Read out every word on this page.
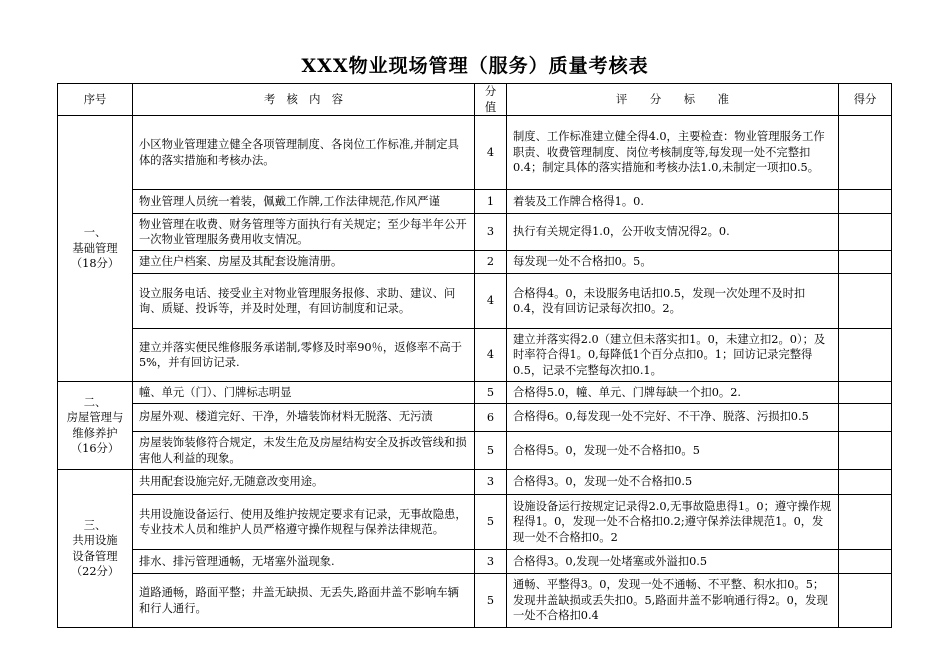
XXX物业现场管理（服务）质量考核表
序号	考　核　内　容	分值	评　　分　　标　　准	得分

一、
基础管理
（18分）	小区物业管理建立健全各项管理制度、各岗位工作标准,并制定具体的落实措施和考核办法。	4	制度、工作标准建立健全得4.0，主要检查：物业管理服务工作职责、收费管理制度、岗位考核制度等,每发现一处不完整扣0.4；制定具体的落实措施和考核办法1.0,未制定一项扣0.5。	

	物业管理人员统一着装，佩戴工作牌,工作法律规范,作风严谨	1	着装及工作牌合格得1。0.	
	物业管理在收费、财务管理等方面执行有关规定；至少每半年公开一次物业管理服务费用收支情况。	3	执行有关规定得1.0，公开收支情况得2。0.	
	建立住户档案、房屋及其配套设施清册。	2	每发现一处不合格扣0。5。	
	设立服务电话、接受业主对物业管理服务报修、求助、建议、问询、质疑、投诉等，并及时处理，有回访制度和记录。	4	合格得4。0，未设服务电话扣0.5，发现一次处理不及时扣0.4，没有回访记录每次扣0。2。	
	建立并落实便民维修服务承诺制,零修及时率90％，返修率不高于5%，并有回访记录.	4	建立并落实得2.0（建立但未落实扣1。0，未建立扣2。0）；及时率符合得1。0,每降低1个百分点扣0。1；回访记录完整得0.5，记录不完整每次扣0.1。	

二、
房屋管理与
维修养护
（16分）	幢、单元（门）、门牌标志明显	5	合格得5.0，幢、单元、门牌每缺一个扣0。2.	

	房屋外观、楼道完好、干净，外墙装饰材料无脱落、无污渍	6	合格得6。0,每发现一处不完好、不干净、脱落、污损扣0.5	

	房屋装饰装修符合规定，未发生危及房屋结构安全及拆改管线和损害他人利益的现象。	5	合格得5。0，发现一处不合格扣0。5	

三、
共用设施
设备管理
（22分）	共用配套设施完好,无随意改变用途。	3	合格得3。0，发现一处不合格扣0.5	
	共用设施设备运行、使用及维护按规定要求有记录，无事故隐患，专业技术人员和维护人员严格遵守操作规程与保养法律规范。	5	设施设备运行按规定记录得2.0,无事故隐患得1。0；遵守操作规程得1。0，发现一处不合格扣0.2;遵守保养法律规范1。0，发现一处不合格扣0。2	
	排水、排污管理通畅，无堵塞外溢现象.	3	合格得3。0,发现一处堵塞或外溢扣0.5	
	道路通畅，路面平整；井盖无缺损、无丢失,路面井盖不影响车辆和行人通行。	5	通畅、平整得3。0，发现一处不通畅、不平整、积水扣0。5；发现井盖缺损或丢失扣0。5,路面井盖不影响通行得2。0，发现一处不合格扣0.4	
